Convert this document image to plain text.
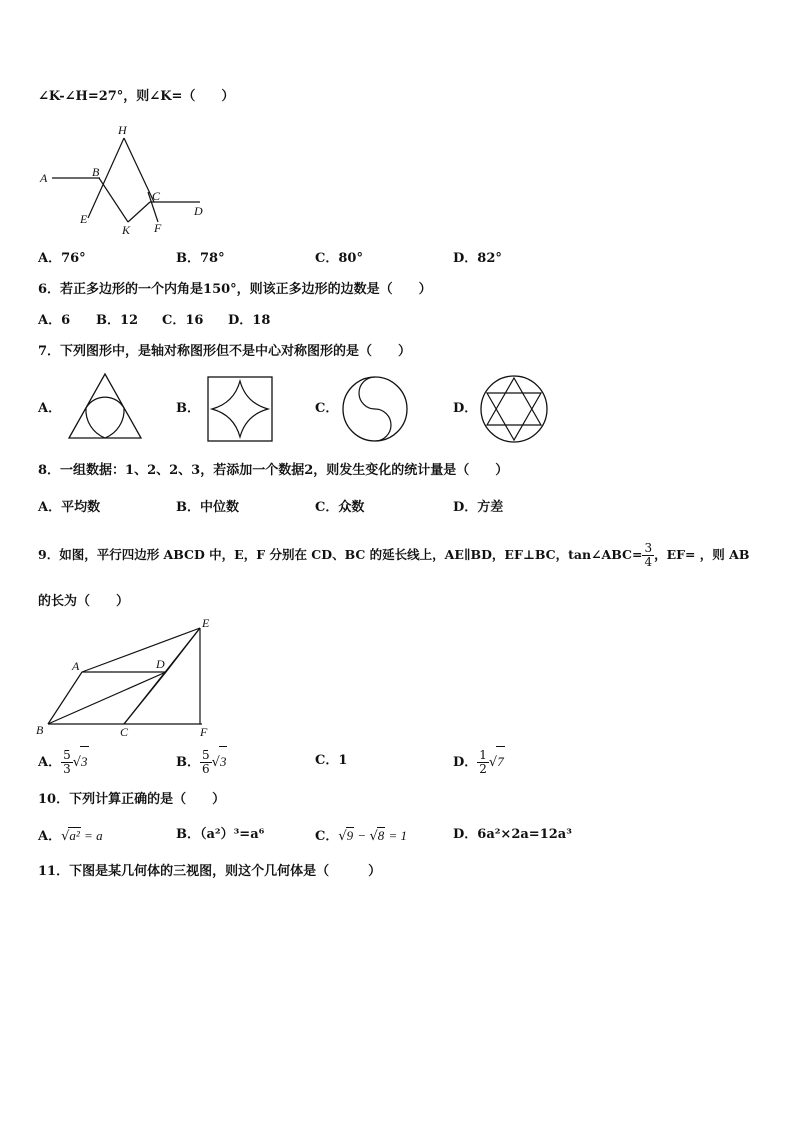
∠K-∠H=27°，则∠K=（　　）
H
A	B
C
D
E
K F
A．76°	B．78°	C．80°	D．82°
6．若正多边形的一个内角是150°，则该正多边形的边数是（　　）
A．6 B．12 C．16 D．18
7．下列图形中，是轴对称图形但不是中心对称图形的是（　　）
A．	B．	C．	D．
8．一组数据：1、2、2、3，若添加一个数据2，则发生变化的统计量是（　　）
A．平均数	B．中位数	C．众数	D．方差
9．如图，平行四边形 ABCD 中，E，F 分别在 CD、BC 的延长线上，AE∥BD，EF⊥BC，tan∠ABC= $\frac{3}{4}$ ，EF= ，则 AB
的长为（　　）
E
A	D
B	C	F
A． $\frac{5}{3} √3$	B． $\frac{5}{6} √3$	C．1	D． $\frac{1}{2} √7$
10．下列计算正确的是（　　）
A．√a² = a	B．（a²）³=a⁶	C．√9 − √8 = 1	D．6a²×2a=12a³
11．下图是某几何体的三视图，则这个几何体是（　　　）
